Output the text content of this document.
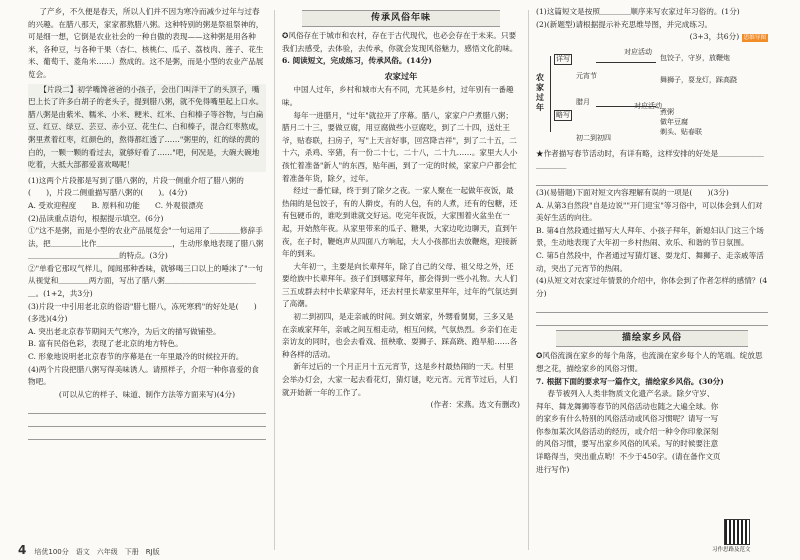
了产乡，不久便是春天，所以人们并不因为寒冷而减少过年与过春的兴趣。在腊八那天，家家都熬腊八粥。这种特别的粥是祭祖祭神的，可是细一想，它倒是农业社会的一种自傲的表现——这种粥是用各种米，各种豆，与各种干果（杏仁、核桃仁、瓜子、荔枝肉、莲子、花生米、葡萄干、菱角米……）熬成的。这不是粥，而是小型的农业产品展览会。

【片段二】初学嘴馋爸爸的小孩子，会出门叫洋干了的头顶子，嘴巴上长了许多白胡子的老头子，提到腊八粥，就不免得嘴里起上口水。腊八粥是由紫米、糯米、小米、粳米、红米、白和榛子等谷物，与白扁豆、红豆、绿豆、芸豆、赤小豆、花生仁、白和榛子，混合红枣熬成，粥里煮着红枣，红颜色的，熬得都红透了……"粥里的，红的绿的黄的白的，一颗一颗的看过去，就够好看了……"吧，何况是，大碗大碗地吃着，大抵大部都爱喜欢喝呢！

(1)这两个片段都是写到了腊八粥的，片段一侧重介绍了腊八粥的(　　)，片段二侧重描写腊八粥的(　　)。(4分)

A. 受欢迎程度　　B. 原料和功能　　C. 外观很漂亮

(2)品读重点语句，根据提示填空。(6分)

①"这不是粥，而是小型的农业产品展览会"一句运用了＿＿＿＿修辞手法，把＿＿＿＿比作＿＿＿＿＿＿＿＿＿＿，生动形象地表现了腊八粥＿＿＿＿＿＿＿＿＿＿＿＿的特点。(3分)

②"单看它那叹气样儿，闻闻那种香味，就够喝三口以上的唾沫了"一句从视觉和＿＿＿＿两方面，写出了腊八粥＿＿＿＿＿＿＿＿＿＿＿＿＿。(1+2，共3分)

(3)片段一中引用老北京的俗语"腊七腊八，冻死寒鸦"的好处是(　　)(多选)(4分)

A. 突出老北京春节期间天气寒冷，为后文的描写做铺垫。

B. 富有民俗色彩，表现了老北京的地方特色。

C. 形象地说明老北京春节的序幕是在一年里最冷的时候拉开的。

(4)两个片段把腊八粥写得美味诱人。请照样子，介绍一种你喜爱的食物吧。

(可以从它的样子、味道、制作方法等方面来写)(4分)

传承风俗年味

✪风俗存在于城市和农村，存在于古代现代，也必会存在于未来。只要我们去感受，去体验，去传承，你就会发现风俗魅力，感悟文化韵味。

6. 阅读短文，完成练习，传承风俗。(14分)

农家过年

中国人过年，乡村和城市大有不同，尤其是乡村，过年别有一番趣味。

每年一进腊月，"过年"就拉开了序幕。腊八，家家户户煮腊八粥；腊月二十三，要做豆腐，用豆腐做些小豆腐吃，到了二十四，送灶王爷，贴春联，扫房子，写"上天言好事，回宫降吉祥"，到了二十五，二十六，杀鸡、宰猪，有一份二十七，二十八，二十九……。家里大人小孩忙着准备"新人"的东西，贴年画，到了一定的时候，家家户户都会忙着准备年货，除夕，过年。

经过一番忙碌，终于到了除夕之夜。一家人聚在一起做年夜饭，最热闹的是包饺子，有的人擀皮，有的人包，有的人煮，还有的包糖，还有包硬币的，谁吃到谁就交好运。吃完年夜饭，大家围着火盆坐在一起，开始熬年夜。从家里带来的瓜子、糖果，大家边吃边聊天，直到午夜，在子时，鞭炮声从四面八方响起，大人小孩都出去放鞭炮，迎接新年的到来。

大年初一，主要是向长辈拜年，除了自己的父母、祖父母之外，还要给族中长辈拜年。孩子们到哪家拜年，都会得到一些小礼物。大人们三五成群去村中长辈家拜年，还去村里长辈家里拜年，过年的气氛达到了高潮。

初二到初四，是走亲戚的时间。到女婿家，外甥看舅舅，三多又是在亲戚家拜年，亲戚之间互相走动，相互问候，气氛热烈。乡亲们在走亲访友的同时，也会去看戏、扭秧歌、耍狮子、踩高跷、跑旱船……各种各样的活动。

新年过后的一个月正月十五元宵节，这是乡村最热闹的一天。村里会举办灯会，大家一起去看花灯，猜灯谜，吃元宵。元宵节过后，人们就开始新一年的工作了。

(作者：宋燕。选文有删改)

(1)这篇短文是按照＿＿＿＿顺序来写农家过年习俗的。(1分)

(2)(新题型)请根据提示补充思维导图，并完成练习。

(3+3，共6分) 思维导图

农家过年
详写
略写
元宵节
腊月
初二到初四
对应活动
包饺子，守岁，放鞭炮
舞狮子，耍龙灯，踩高跷
对应活动
煮粥
做年豆腐
剃头、贴春联

★作者描写春节活动时，有详有略，这样安排的好处是＿＿＿＿＿＿＿＿＿＿

(3)(易错题)下面对短文内容理解有误的一项是(　　)(3分)

A. 从第3自然段"自是边说""开门迎宝"等习俗中，可以体会到人们对美好生活的向往。

B. 第4自然段通过描写大人拜年、小孩子拜年，新媳妇认门这三个场景，生动地表现了大年初一乡村热闹、欢乐、和谐的节日氛围。

C. 第5自然段中，作者通过写猜灯谜、耍龙灯、舞狮子、走亲戚等活动，突出了元宵节的热闹。

(4)从短文对农家过年情景的介绍中，你体会到了作者怎样的感情？(4分)

描绘家乡风俗

✪风俗流淌在家乡的每个角落，也流淌在家乡每个人的笔端。绽放思想之花，描绘家乡的风俗习惯。

7. 根据下面的要求写一篇作文，描绘家乡风俗。(30分)

春节被列入人类非物质文化遗产名录。除夕守岁、拜年、舞龙舞狮等春节的风俗活动也随之大遍全球。你的家乡有什么特别的风俗活动或风俗习惯呢？请写一写你参加某次风俗活动的经历，或介绍一种令你印象深刻的风俗习惯，要写出家乡风俗的风采。写的时候要注意详略得当，突出重点哟！不少于450字。(请在备作文页进行写作)

习作思路及范文
4 培优100分　语文　六年级　下册　RJ版
